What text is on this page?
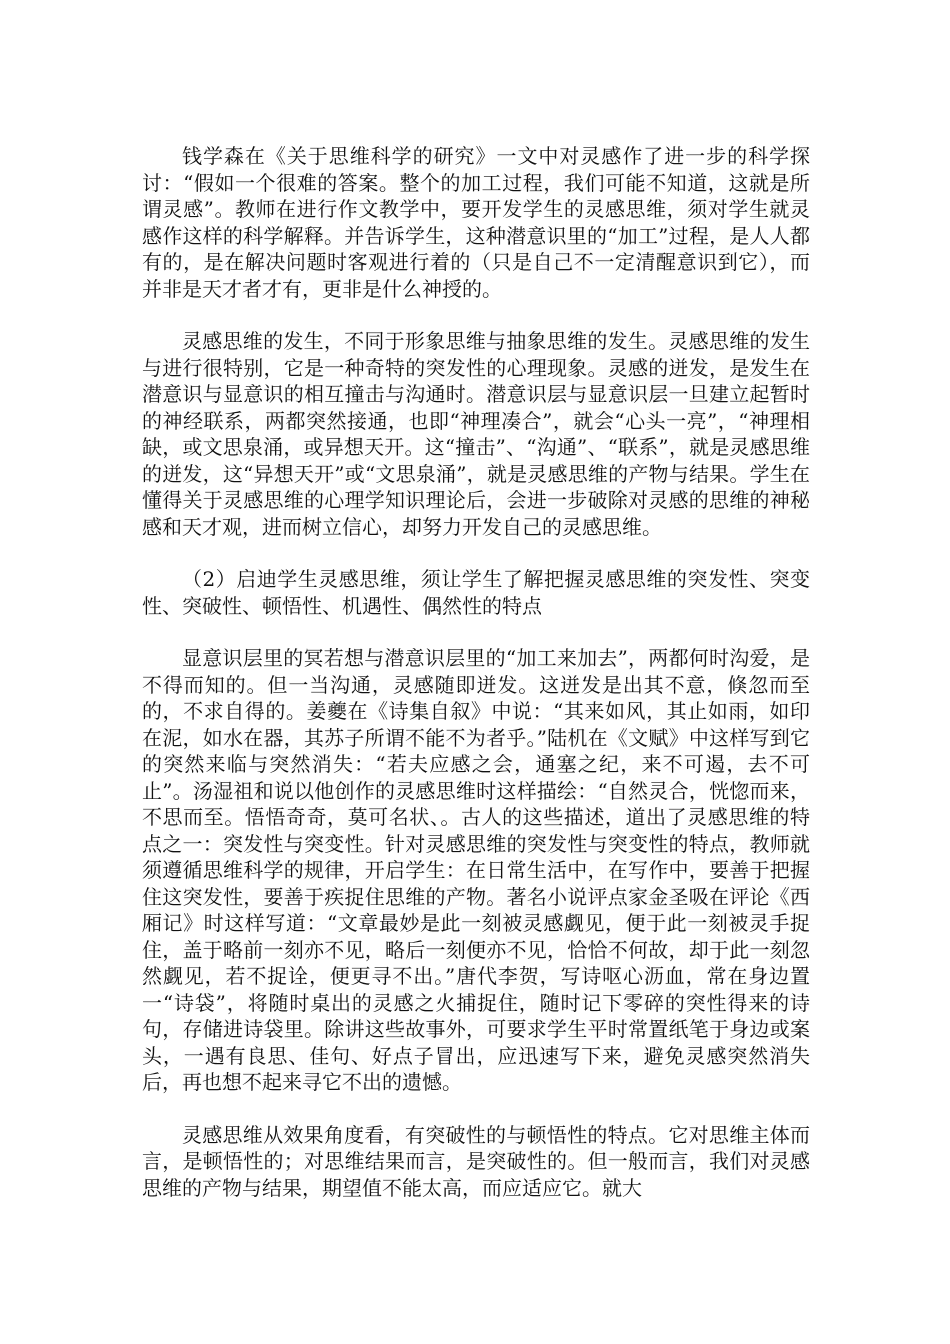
钱学森在《关于思维科学的研究》一文中对灵感作了进一步的科学探讨：“假如一个很难的答案。整个的加工过程，我们可能不知道，这就是所谓灵感”。教师在进行作文教学中，要开发学生的灵感思维，须对学生就灵感作这样的科学解释。并告诉学生，这种潜意识里的“加工”过程，是人人都有的，是在解决问题时客观进行着的（只是自己不一定清醒意识到它），而并非是天才者才有，更非是什么神授的。

灵感思维的发生，不同于形象思维与抽象思维的发生。灵感思维的发生与进行很特别，它是一种奇特的突发性的心理现象。灵感的迸发，是发生在潜意识与显意识的相互撞击与沟通时。潜意识层与显意识层一旦建立起暂时的神经联系，两都突然接通，也即“神理凑合”，就会“心头一亮”，“神理相缺，或文思泉涌，或异想天开。这“撞击”、“沟通”、“联系”，就是灵感思维的迸发，这“异想天开”或“文思泉涌”，就是灵感思维的产物与结果。学生在懂得关于灵感思维的心理学知识理论后，会进一步破除对灵感的思维的神秘感和天才观，进而树立信心，却努力开发自己的灵感思维。

（2）启迪学生灵感思维，须让学生了解把握灵感思维的突发性、突变性、突破性、顿悟性、机遇性、偶然性的特点

显意识层里的冥若想与潜意识层里的“加工来加去”，两都何时沟爱，是不得而知的。但一当沟通，灵感随即迸发。这迸发是出其不意，倏忽而至的，不求自得的。姜夔在《诗集自叙》中说：“其来如风，其止如雨，如印在泥，如水在器，其苏子所谓不能不为者乎。”陆机在《文赋》中这样写到它的突然来临与突然消失：“若夫应感之会，通塞之纪，来不可遏，去不可止”。汤湿祖和说以他创作的灵感思维时这样描绘：“自然灵合，恍惚而来，不思而至。悟悟奇奇，莫可名状、。古人的这些描述，道出了灵感思维的特点之一：突发性与突变性。针对灵感思维的突发性与突变性的特点，教师就须遵循思维科学的规律，开启学生：在日常生活中，在写作中，要善于把握住这突发性，要善于疾捉住思维的产物。著名小说评点家金圣吸在评论《西厢记》时这样写道：“文章最妙是此一刻被灵感觑见，便于此一刻被灵手捉住，盖于略前一刻亦不见，略后一刻便亦不见，恰恰不何故，却于此一刻忽然觑见，若不捉诠，便更寻不出。”唐代李贺，写诗呕心沥血，常在身边置一“诗袋”，将随时桌出的灵感之火捕捉住，随时记下零碎的突性得来的诗句，存储进诗袋里。除讲这些故事外，可要求学生平时常置纸笔于身边或案头，一遇有良思、佳句、好点子冒出，应迅速写下来，避免灵感突然消失后，再也想不起来寻它不出的遗憾。

灵感思维从效果角度看，有突破性的与顿悟性的特点。它对思维主体而言，是顿悟性的；对思维结果而言，是突破性的。但一般而言，我们对灵感思维的产物与结果，期望值不能太高，而应适应它。就大
